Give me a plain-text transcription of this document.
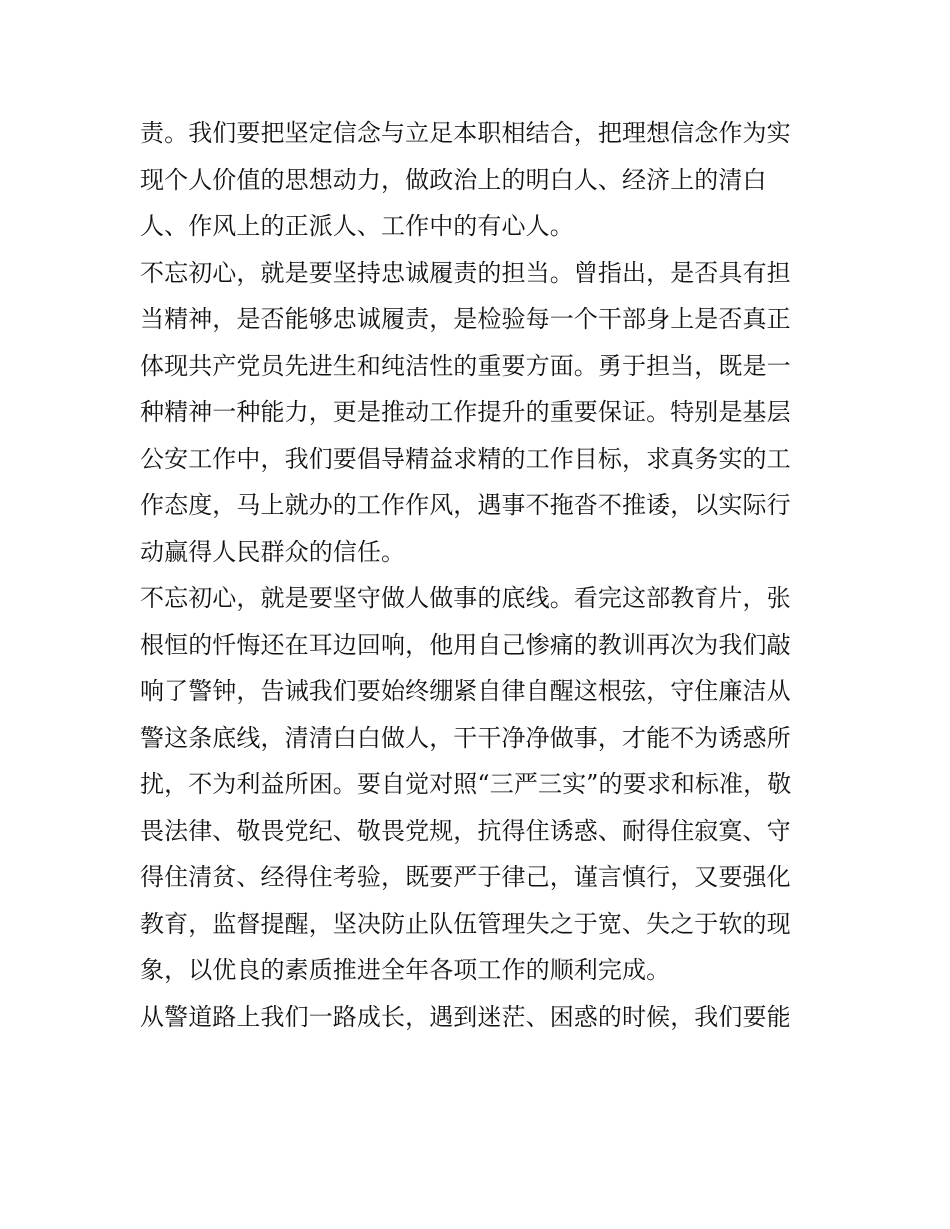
责。我们要把坚定信念与立足本职相结合，把理想信念作为实
现个人价值的思想动力，做政治上的明白人、经济上的清白
人、作风上的正派人、工作中的有心人。
不忘初心，就是要坚持忠诚履责的担当。曾指出，是否具有担
当精神，是否能够忠诚履责，是检验每一个干部身上是否真正
体现共产党员先进生和纯洁性的重要方面。勇于担当，既是一
种精神一种能力，更是推动工作提升的重要保证。特别是基层
公安工作中，我们要倡导精益求精的工作目标，求真务实的工
作态度，马上就办的工作作风，遇事不拖沓不推诿，以实际行
动赢得人民群众的信任。
不忘初心，就是要坚守做人做事的底线。看完这部教育片，张
根恒的忏悔还在耳边回响，他用自己惨痛的教训再次为我们敲
响了警钟，告诫我们要始终绷紧自律自醒这根弦，守住廉洁从
警这条底线，清清白白做人，干干净净做事，才能不为诱惑所
扰，不为利益所困。要自觉对照“三严三实”的要求和标准，敬
畏法律、敬畏党纪、敬畏党规，抗得住诱惑、耐得住寂寞、守
得住清贫、经得住考验，既要严于律己，谨言慎行，又要强化
教育，监督提醒，坚决防止队伍管理失之于宽、失之于软的现
象，以优良的素质推进全年各项工作的顺利完成。
从警道路上我们一路成长，遇到迷茫、困惑的时候，我们要能
